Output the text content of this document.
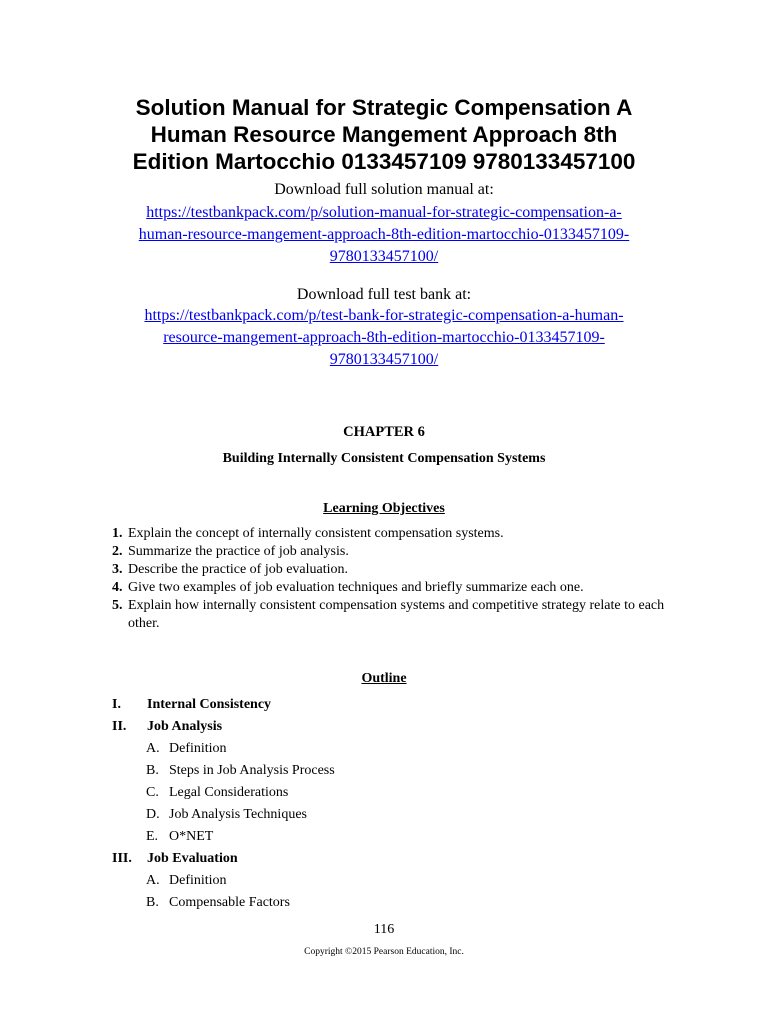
Solution Manual for Strategic Compensation A
Human Resource Mangement Approach 8th
Edition Martocchio 0133457109 9780133457100
Download full solution manual at:
https://testbankpack.com/p/solution-manual-for-strategic-compensation-a-
human-resource-mangement-approach-8th-edition-martocchio-0133457109-
9780133457100/
Download full test bank at:
https://testbankpack.com/p/test-bank-for-strategic-compensation-a-human-
resource-mangement-approach-8th-edition-martocchio-0133457109-
9780133457100/
CHAPTER 6
Building Internally Consistent Compensation Systems
Learning Objectives
1. Explain the concept of internally consistent compensation systems.
2. Summarize the practice of job analysis.
3. Describe the practice of job evaluation.
4. Give two examples of job evaluation techniques and briefly summarize each one.
5. Explain how internally consistent compensation systems and competitive strategy relate to each other.
Outline
I. Internal Consistency
II. Job Analysis
A. Definition
B. Steps in Job Analysis Process
C. Legal Considerations
D. Job Analysis Techniques
E. O*NET
III. Job Evaluation
A. Definition
B. Compensable Factors
116
Copyright ©2015 Pearson Education, Inc.
